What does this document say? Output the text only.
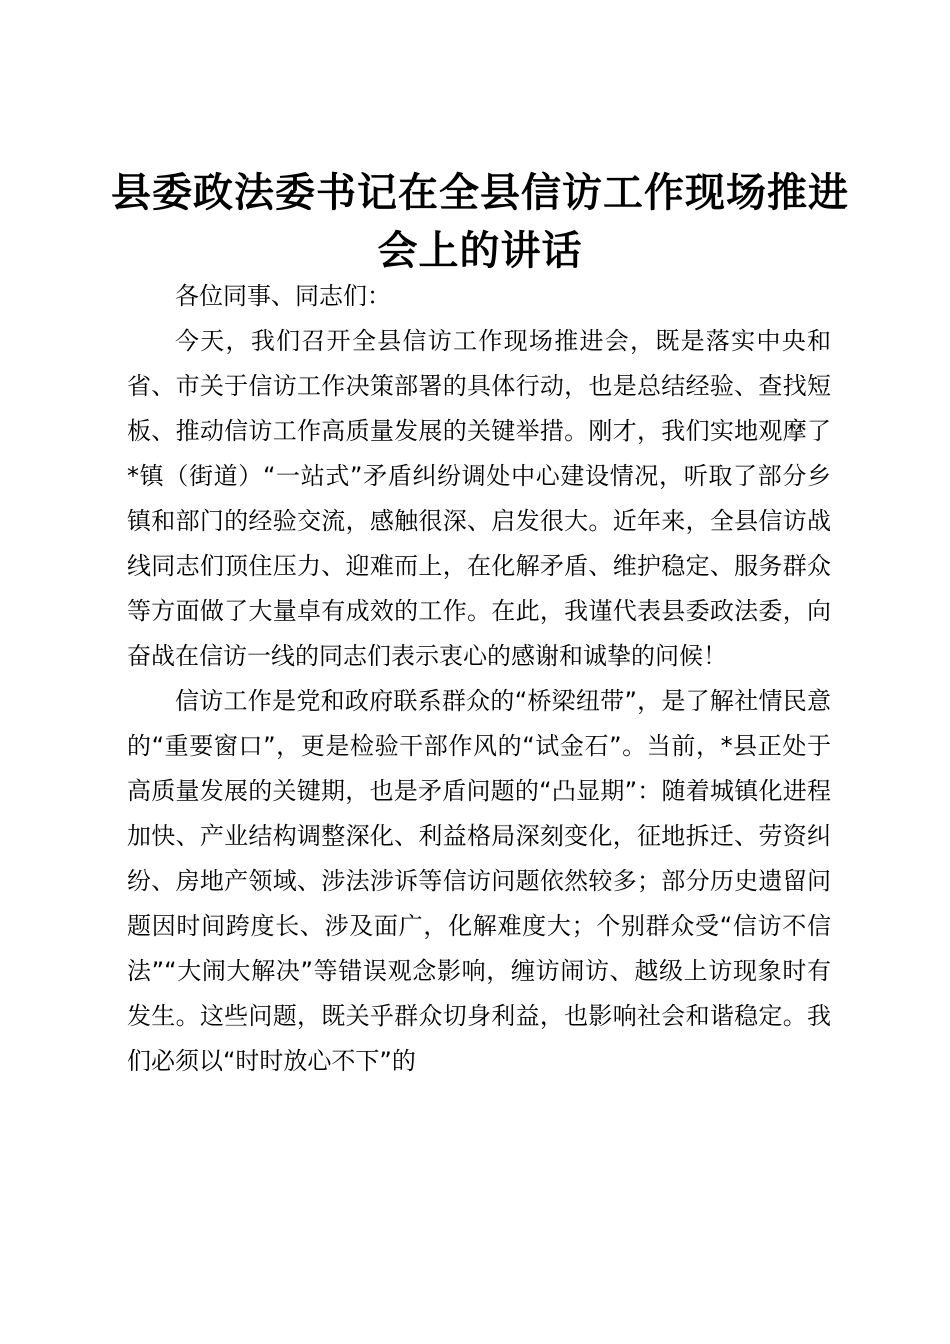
县委政法委书记在全县信访工作现场推进会上的讲话

各位同事、同志们：

今天，我们召开全县信访工作现场推进会，既是落实中央和省、市关于信访工作决策部署的具体行动，也是总结经验、查找短板、推动信访工作高质量发展的关键举措。刚才，我们实地观摩了*镇（街道）“一站式”矛盾纠纷调处中心建设情况，听取了部分乡镇和部门的经验交流，感触很深、启发很大。近年来，全县信访战线同志们顶住压力、迎难而上，在化解矛盾、维护稳定、服务群众等方面做了大量卓有成效的工作。在此，我谨代表县委政法委，向奋战在信访一线的同志们表示衷心的感谢和诚挚的问候！

信访工作是党和政府联系群众的“桥梁纽带”，是了解社情民意的“重要窗口”，更是检验干部作风的“试金石”。当前，*县正处于高质量发展的关键期，也是矛盾问题的“凸显期”：随着城镇化进程加快、产业结构调整深化、利益格局深刻变化，征地拆迁、劳资纠纷、房地产领域、涉法涉诉等信访问题依然较多；部分历史遗留问题因时间跨度长、涉及面广，化解难度大；个别群众受“信访不信法”“大闹大解决”等错误观念影响，缠访闹访、越级上访现象时有发生。这些问题，既关乎群众切身利益，也影响社会和谐稳定。我们必须以“时时放心不下”的
